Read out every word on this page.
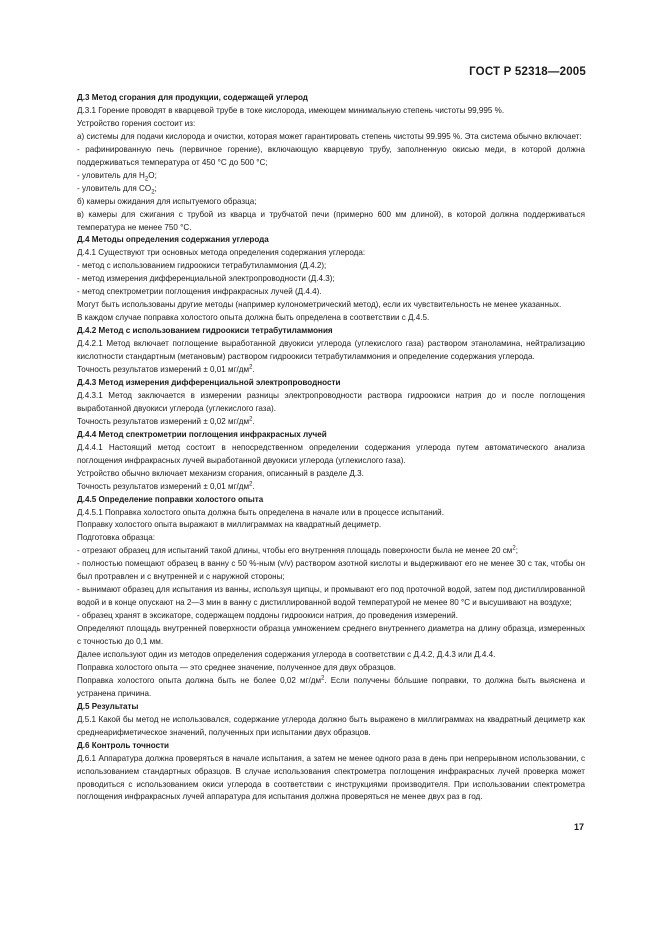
ГОСТ Р 52318—2005

Д.3 Метод сгорания для продукции, содержащей углерод

Д.3.1 Горение проводят в кварцевой трубе в токе кислорода, имеющем минимальную степень чистоты 99,995 %.

Устройство горения состоит из:

а) системы для подачи кислорода и очистки, которая может гарантировать степень чистоты 99.995 %. Эта система обычно включает:

- рафинированную печь (первичное горение), включающую кварцевую трубу, заполненную окисью меди, в которой должна поддерживаться температура от 450 °C до 500 °C;

- уловитель для $H_2O$;

- уловитель для $CO_2$;

б) камеры ожидания для испытуемого образца;

в) камеры для сжигания с трубой из кварца и трубчатой печи (примерно 600 мм длиной), в которой должна поддерживаться температура не менее 750 °C.

Д.4 Методы определения содержания углерода

Д.4.1 Существуют три основных метода определения содержания углерода:

- метод с использованием гидроокиси тетрабутиламмония (Д.4.2);

- метод измерения дифференциальной электропроводности (Д.4.3);

- метод спектрометрии поглощения инфракрасных лучей (Д.4.4).

Могут быть использованы другие методы (например кулонометрический метод), если их чувствительность не менее указанных.

В каждом случае поправка холостого опыта должна быть определена в соответствии с Д.4.5.

Д.4.2 Метод с использованием гидроокиси тетрабутиламмония

Д.4.2.1 Метод включает поглощение выработанной двуокиси углерода (углекислого газа) раствором этаноламина, нейтрализацию кислотности стандартным (метановым) раствором гидроокиси тетрабутиламмония и определение содержания углерода.

Точность результатов измерений ± 0,01 $мг/дм^2$.

Д.4.3 Метод измерения дифференциальной электропроводности

Д.4.3.1 Метод заключается в измерении разницы электропроводности раствора гидроокиси натрия до и после поглощения выработанной двуокиси углерода (углекислого газа).

Точность результатов измерений ± 0,02 $мг/дм^2$.

Д.4.4 Метод спектрометрии поглощения инфракрасных лучей

Д.4.4.1 Настоящий метод состоит в непосредственном определении содержания углерода путем автоматического анализа поглощения инфракрасных лучей выработанной двуокиси углерода (углекислого газа).

Устройство обычно включает механизм сгорания, описанный в разделе Д.3.

Точность результатов измерений ± 0,01 $мг/дм^2$.

Д.4.5 Определение поправки холостого опыта

Д.4.5.1 Поправка холостого опыта должна быть определена в начале или в процессе испытаний.

Поправку холостого опыта выражают в миллиграммах на квадратный дециметр.

Подготовка образца:

- отрезают образец для испытаний такой длины, чтобы его внутренняя площадь поверхности была не менее 20 $см^2$;

- полностью помещают образец в ванну с 50 %-ным (v/v) раствором азотной кислоты и выдерживают его не менее 30 с так, чтобы он был протравлен и с внутренней и с наружной стороны;

- вынимают образец для испытания из ванны, используя щипцы, и промывают его под проточной водой, затем под дистиллированной водой и в конце опускают на 2—3 мин в ванну с дистиллированной водой температурой не менее 80 °C и высушивают на воздухе;

- образец хранят в эксикаторе, содержащем поддоны гидроокиси натрия, до проведения измерений.

Определяют площадь внутренней поверхности образца умножением среднего внутреннего диаметра на длину образца, измеренных с точностью до 0,1 мм.

Далее используют один из методов определения содержания углерода в соответствии с Д.4.2, Д.4.3 или Д.4.4.

Поправка холостого опыта — это среднее значение, полученное для двух образцов.

Поправка холостого опыта должна быть не более 0,02 $мг/дм^2$. Если получены бо́льшие поправки, то должна быть выяснена и устранена причина.

Д.5 Результаты

Д.5.1 Какой бы метод не использовался, содержание углерода должно быть выражено в миллиграммах на квадратный дециметр как среднеарифметическое значений, полученных при испытании двух образцов.

Д.6 Контроль точности

Д.6.1 Аппаратура должна проверяться в начале испытания, а затем не менее одного раза в день при непрерывном использовании, с использованием стандартных образцов. В случае использования спектрометра поглощения инфракрасных лучей проверка может проводиться с использованием окиси углерода в соответствии с инструкциями производителя. При использовании спектрометра поглощения инфракрасных лучей аппаратура для испытания должна проверяться не менее двух раз в год.

17
